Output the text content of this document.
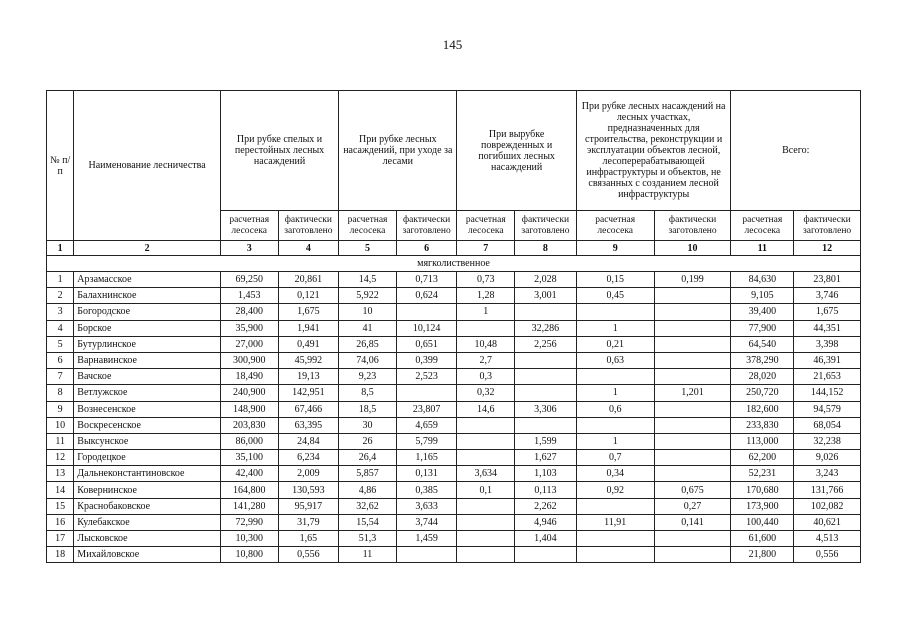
145
№ п/п	Наименование лесничества	При рубке спелых и перестойных лесных насаждений		При рубке лесных насаждений, при уходе за лесами		При вырубке поврежденных и погибших лесных насаждений		При рубке лесных насаждений на лесных участках, предназначенных для строительства, реконструкции и эксплуатации объектов лесной, лесоперерабатывающей инфраструктуры и объектов, не связанных с созданием лесной инфраструктуры		Всего:	
		расчетная лесосека	фактически заготовлено	расчетная лесосека	фактически заготовлено	расчетная лесосека	фактически заготовлено	расчетная лесосека	фактически заготовлено	расчетная лесосека	фактически заготовлено
1	2	3	4	5	6	7	8	9	10	11	12
мягколиственное											
1	Арзамасское	69,250	20,861	14,5	0,713	0,73	2,028	0,15	0,199	84,630	23,801
2	Балахнинское	1,453	0,121	5,922	0,624	1,28	3,001	0,45		9,105	3,746
3	Богородское	28,400	1,675	10		1				39,400	1,675
4	Борское	35,900	1,941	41	10,124		32,286	1		77,900	44,351
5	Бутурлинское	27,000	0,491	26,85	0,651	10,48	2,256	0,21		64,540	3,398
6	Варнавинское	300,900	45,992	74,06	0,399	2,7		0,63		378,290	46,391
7	Вачское	18,490	19,13	9,23	2,523	0,3				28,020	21,653
8	Ветлужское	240,900	142,951	8,5		0,32		1	1,201	250,720	144,152
9	Вознесенское	148,900	67,466	18,5	23,807	14,6	3,306	0,6		182,600	94,579
10	Воскресенское	203,830	63,395	30	4,659					233,830	68,054
11	Выксунское	86,000	24,84	26	5,799		1,599	1		113,000	32,238
12	Городецкое	35,100	6,234	26,4	1,165		1,627	0,7		62,200	9,026
13	Дальнеконстантиновское	42,400	2,009	5,857	0,131	3,634	1,103	0,34		52,231	3,243
14	Ковернинское	164,800	130,593	4,86	0,385	0,1	0,113	0,92	0,675	170,680	131,766
15	Краснобаковское	141,280	95,917	32,62	3,633		2,262		0,27	173,900	102,082
16	Кулебакское	72,990	31,79	15,54	3,744		4,946	11,91	0,141	100,440	40,621
17	Лысковское	10,300	1,65	51,3	1,459		1,404			61,600	4,513
18	Михайловское	10,800	0,556	11						21,800	0,556
